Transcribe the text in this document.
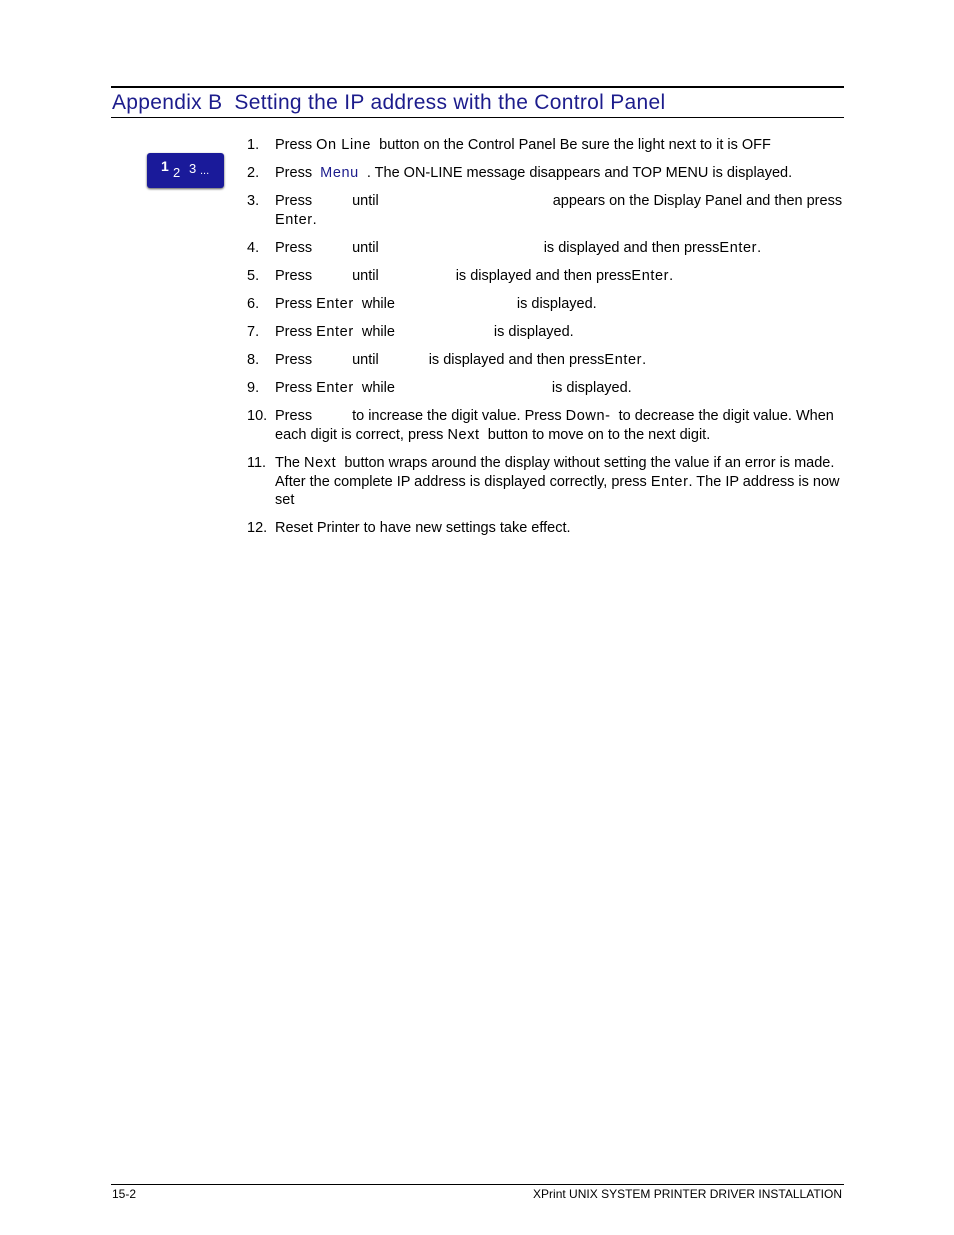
Appendix B Setting the IP address with the Control Panel
1 2 3 ...
1. Press On Line button on the Control Panel Be sure the light next to it is OFF
2. Press Menu . The ON-LINE message disappears and TOP MENU is displayed.
3. Press	until	appears on the Display Panel and then press Enter.
4. Press	until	is displayed and then pressEnter.
5. Press	until	is displayed and then pressEnter.
6. Press Enter while	is displayed.
7. Press Enter while	is displayed.
8. Press	until	is displayed and then pressEnter.
9. Press Enter while	is displayed.
10. Press	to increase the digit value. Press Down- to decrease the digit value. When each digit is correct, press Next button to move on to the next digit.
11. The Next button wraps around the display without setting the value if an error is made. After the complete IP address is displayed correctly, press Enter. The IP address is now set
12. Reset Printer to have new settings take effect.
15-2	XPrint UNIX SYSTEM PRINTER DRIVER INSTALLATION
